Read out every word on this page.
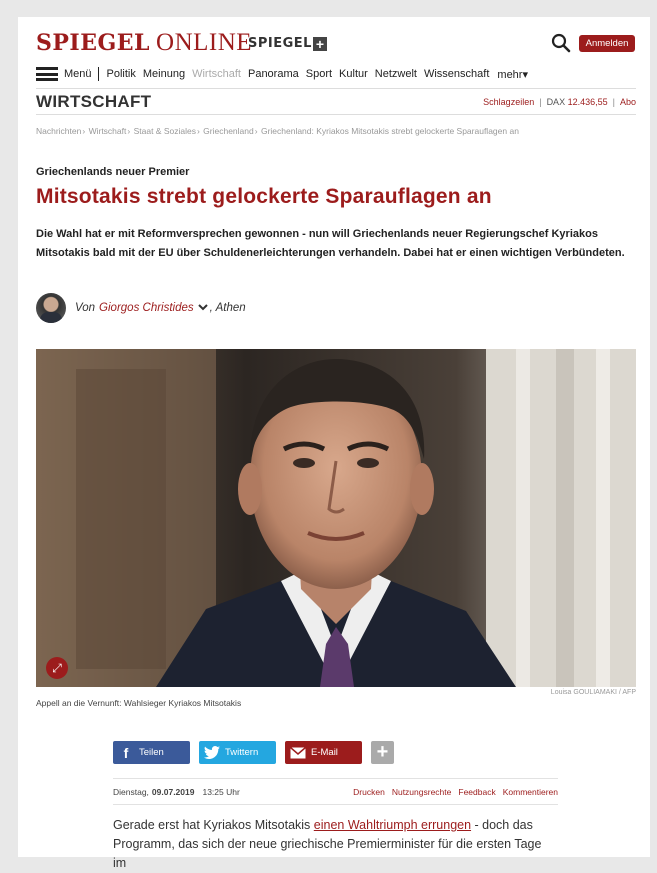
SPIEGEL ONLINE
SPIEGEL +	Anmelden
Menü Politik Meinung Wirtschaft Panorama Sport Kultur Netzwelt Wissenschaft mehr▾
WIRTSCHAFT	Schlagzeilen | DAX 12.436,55 | Abo
Nachrichten› Wirtschaft› Staat & Soziales› Griechenland› Griechenland: Kyriakos Mitsotakis strebt gelockerte Sparauflagen an
Griechenlands neuer Premier
Mitsotakis strebt gelockerte Sparauflagen an
Die Wahl hat er mit Reformversprechen gewonnen - nun will Griechenlands neuer Regierungschef Kyriakos Mitsotakis bald mit der EU über Schuldenerleichterungen verhandeln. Dabei hat er einen wichtigen Verbündeten.
Von Giorgos Christides , Athen
⤢
Louisa GOULIAMAKI / AFP
Appell an die Vernunft: Wahlsieger Kyriakos Mitsotakis
f	Teilen	Twittern	E-Mail +
Dienstag, 09.07.2019 13:25 Uhr	Drucken Nutzungsrechte Feedback Kommentieren
Gerade erst hat Kyriakos Mitsotakis einen Wahltriumph errungen - doch das Programm, das sich der neue griechische Premierminister für die ersten Tage im
